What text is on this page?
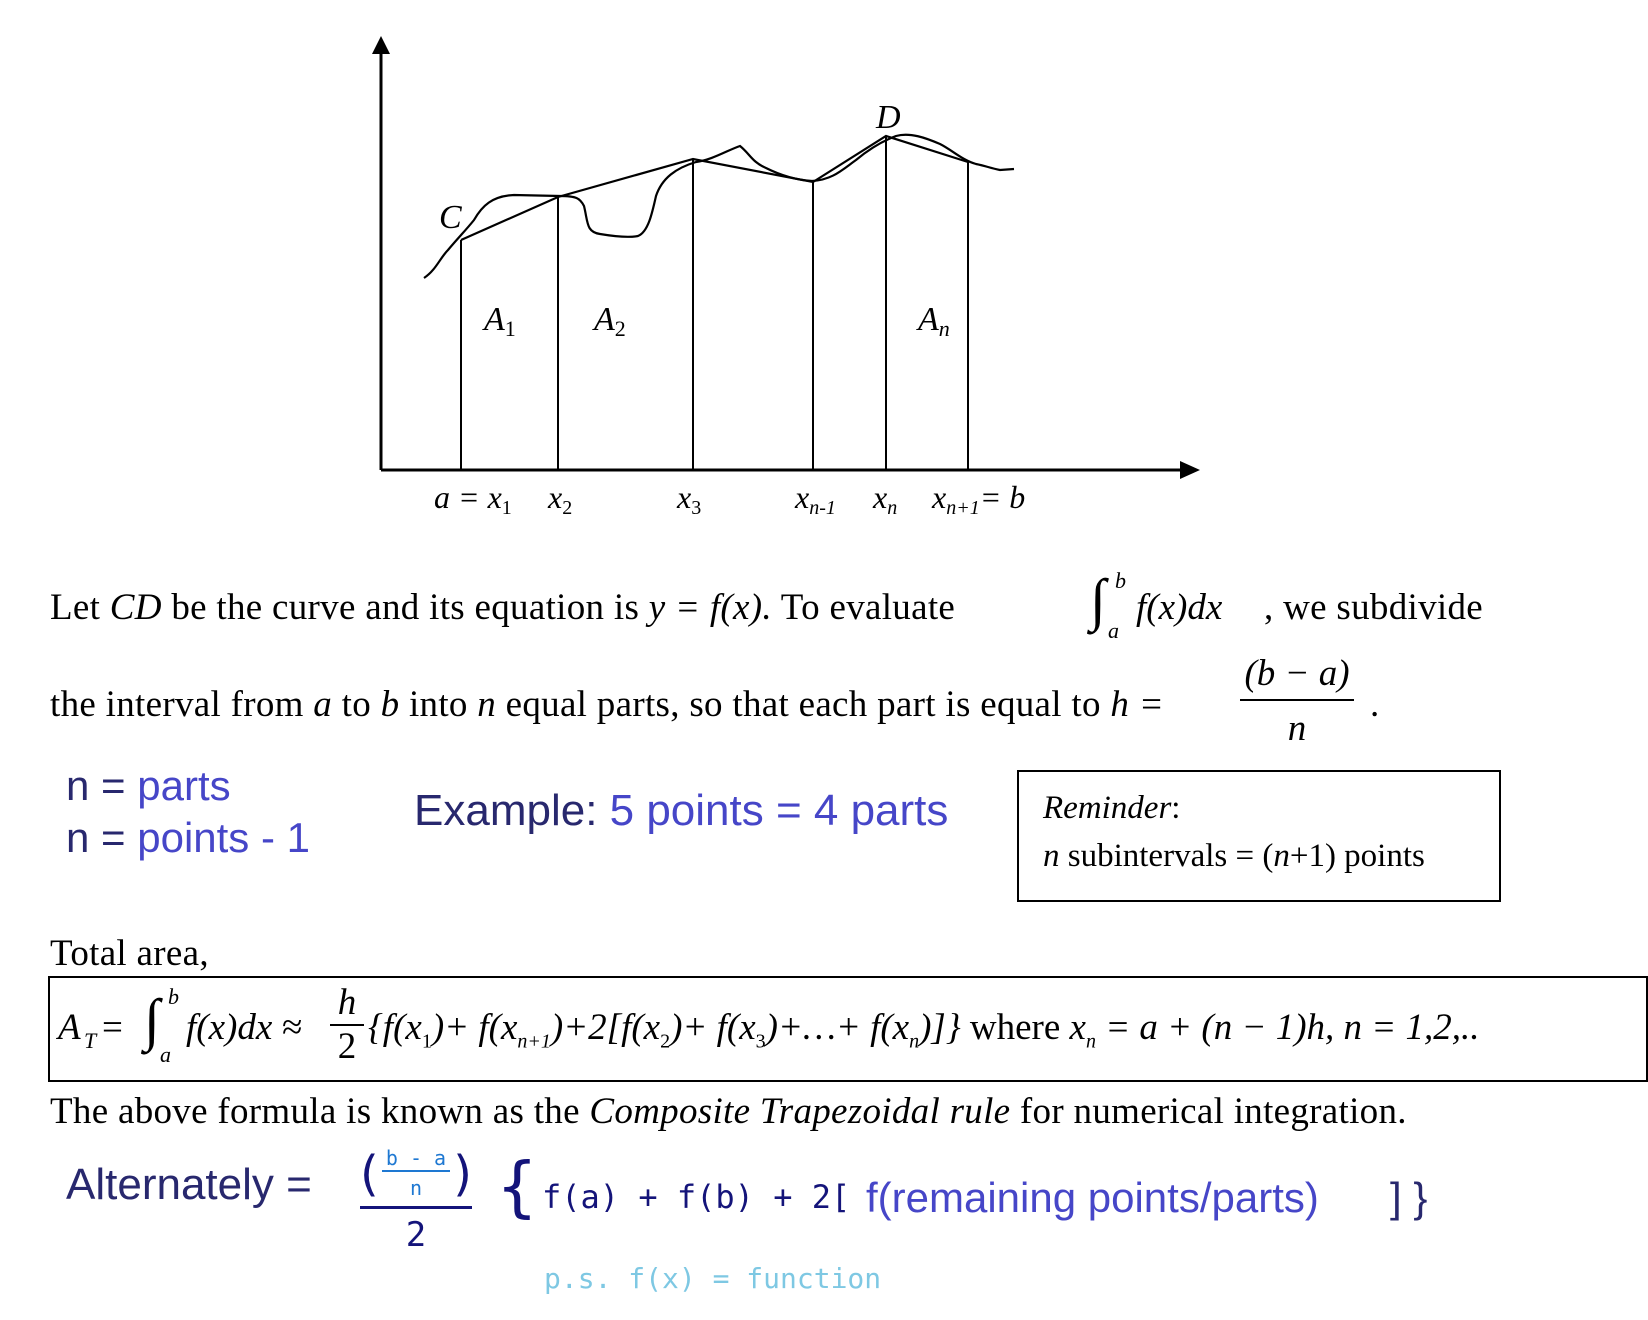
C
D
A1 A2	An
a = x1 x2	x3	xn-1 xn xn+1= b
Let CD be the curve and its equation is y = f(x). To evaluate ∫ b
a
f(x)dx , we subdivide
the interval from a to b into n equal parts, so that each part is equal to $h = \frac{(b - a)}{n}$ .
n = parts
n = points - 1
Example: 5 points = 4 parts	Reminder:
n subintervals = (n+1) points
Total area,
A T = ∫ b
a
$f(x)dx \approx \frac{h}{2} \{f(x_1)+ f(x_{n+1})+2[f(x_2)+$ $f(x_3)+\dots+ f(x_n)$]} where $x_n = a + (n - 1)h$, n = 1,2,..
The above formula is known as the Composite Trapezoidal rule for numerical integration.
Alternately = ( b - a
n )
2
{ f(a) + f(b) + 2[ f(remaining points/parts) ] }
p.s. f(x) = function
